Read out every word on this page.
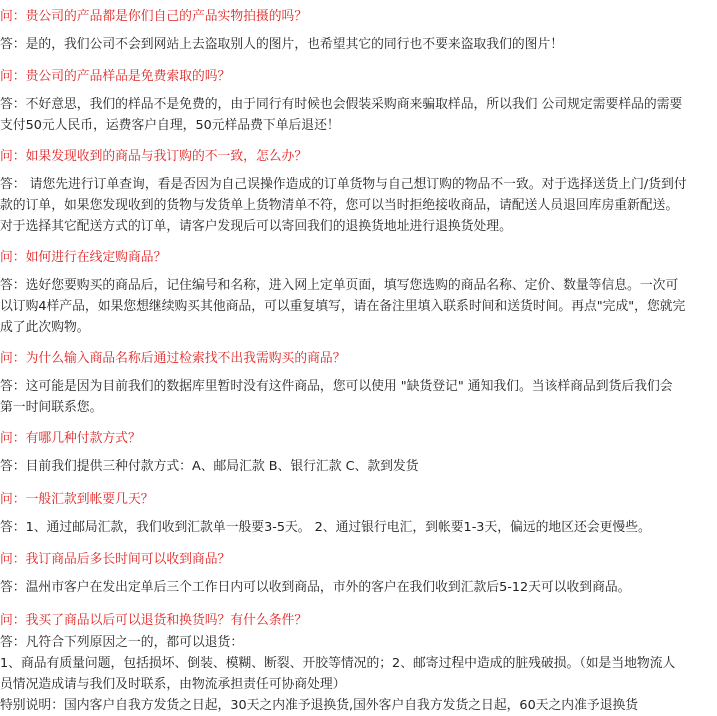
问：贵公司的产品都是你们自己的产品实物拍摄的吗？
答：是的，我们公司不会到网站上去盗取别人的图片，也希望其它的同行也不要来盗取我们的图片！
问：贵公司的产品样品是免费索取的吗？
答：不好意思，我们的样品不是免费的，由于同行有时候也会假装采购商来骗取样品，所以我们 公司规定需要样品的需要
支付50元人民币，运费客户自理，50元样品费下单后退还！
问：如果发现收到的商品与我订购的不一致，怎么办？
答： 请您先进行订单查询，看是否因为自己误操作造成的订单货物与自己想订购的物品不一致。对于选择送货上门/货到付
款的订单，如果您发现收到的货物与发货单上货物清单不符，您可以当时拒绝接收商品，请配送人员退回库房重新配送。
对于选择其它配送方式的订单，请客户发现后可以寄回我们的退换货地址进行退换货处理。
问：如何进行在线定购商品？
答：选好您要购买的商品后，记住编号和名称，进入网上定单页面，填写您选购的商品名称、定价、数量等信息。一次可
以订购4样产品，如果您想继续购买其他商品，可以重复填写，请在备注里填入联系时间和送货时间。再点"完成"，您就完
成了此次购物。
问：为什么输入商品名称后通过检索找不出我需购买的商品？
答：这可能是因为目前我们的数据库里暂时没有这件商品，您可以使用 "缺货登记" 通知我们。当该样商品到货后我们会
第一时间联系您。
问：有哪几种付款方式？
答：目前我们提供三种付款方式：A、邮局汇款 B、银行汇款 C、款到发货
问：一般汇款到帐要几天？
答：1、通过邮局汇款，我们收到汇款单一般要3-5天。 2、通过银行电汇，到帐要1-3天，偏远的地区还会更慢些。
问：我订商品后多长时间可以收到商品？
答：温州市客户在发出定单后三个工作日内可以收到商品，市外的客户在我们收到汇款后5-12天可以收到商品。
问：我买了商品以后可以退货和换货吗？有什么条件？
答：凡符合下列原因之一的，都可以退货：
1、商品有质量问题，包括损坏、倒装、模糊、断裂、开胶等情况的；2、邮寄过程中造成的脏残破损。（如是当地物流人
员情况造成请与我们及时联系，由物流承担责任可协商处理）
特别说明：国内客户自我方发货之日起，30天之内准予退换货,国外客户自我方发货之日起，60天之内准予退换货
